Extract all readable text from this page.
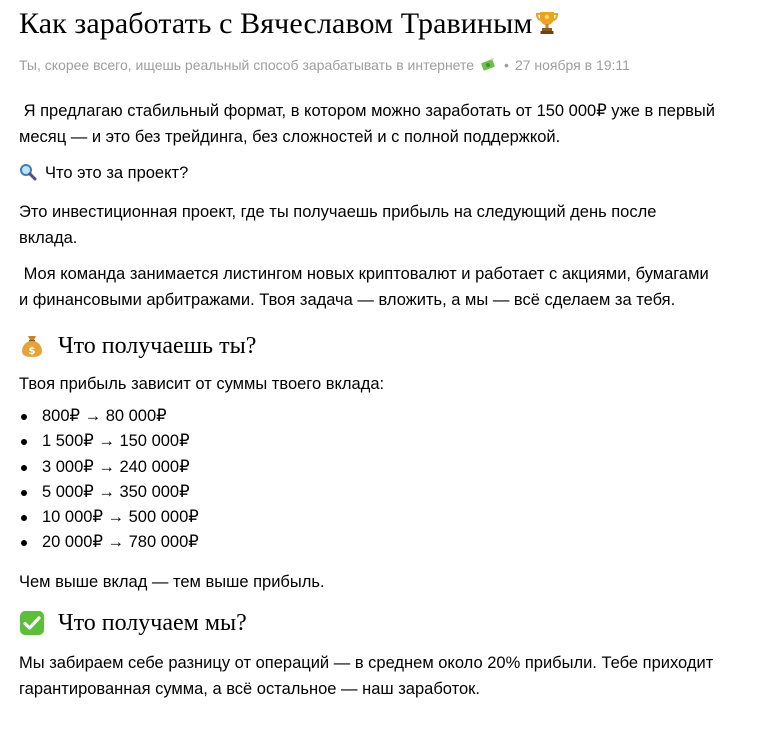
Как заработать с Вячеславом Травиным
Ты, скорее всего, ищешь реальный способ зарабатывать в интернете • 27 ноября в 19:11

Я предлагаю стабильный формат, в котором можно заработать от 150 000₽ уже в первый месяц — и это без трейдинга, без сложностей и с полной поддержкой.

Что это за проект?

Это инвестиционная проект, где ты получаешь прибыль на следующий день после вклада.

Моя команда занимается листингом новых криптовалют и работает с акциями, бумагами и финансовыми арбитражами. Твоя задача — вложить, а мы — всё сделаем за тебя.

$ Что получаешь ты?

Твоя прибыль зависит от суммы твоего вклада:

800₽ → 80 000₽
1 500₽ → 150 000₽
3 000₽ → 240 000₽
5 000₽ → 350 000₽
10 000₽ → 500 000₽
20 000₽ → 780 000₽

Чем выше вклад — тем выше прибыль.

Что получаем мы?

Мы забираем себе разницу от операций — в среднем около 20% прибыли. Тебе приходит гарантированная сумма, а всё остальное — наш заработок.
